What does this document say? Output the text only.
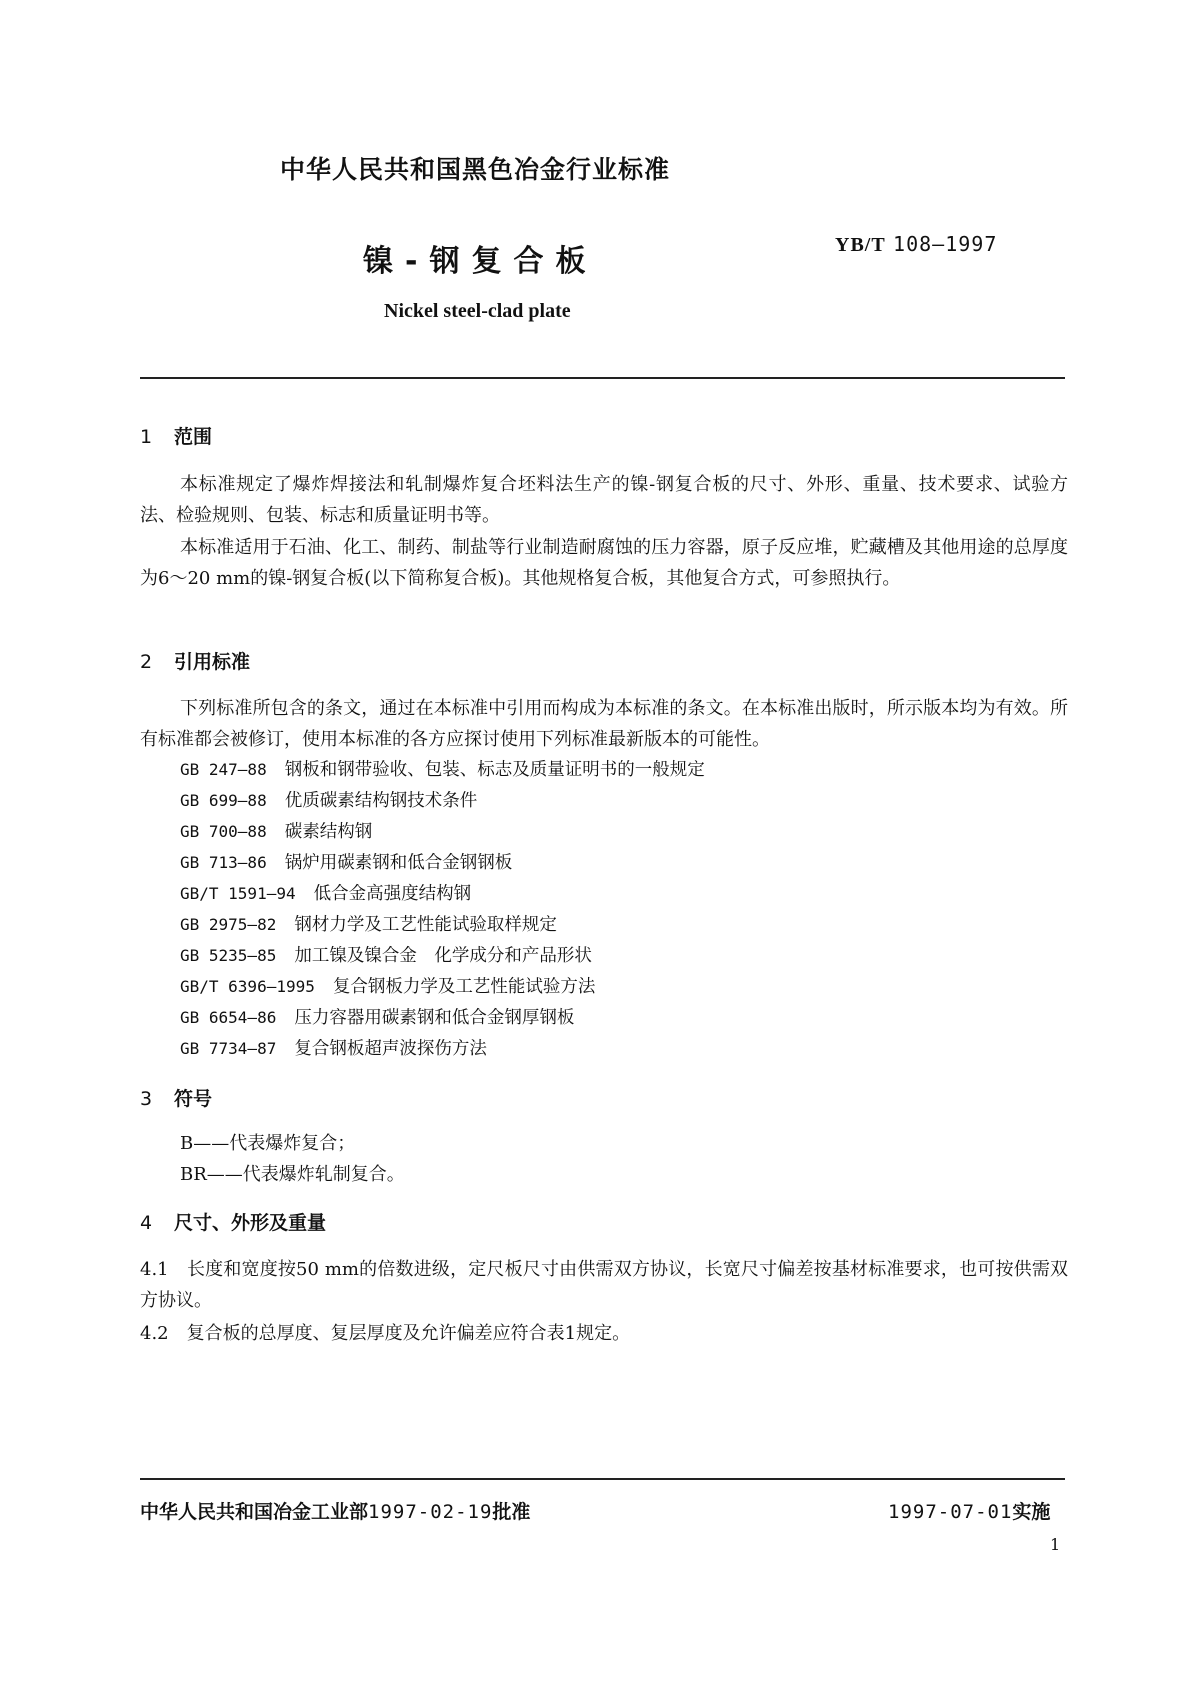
中华人民共和国黑色冶金行业标准
镍-钢复合板	YB/T 108—1997
Nickel steel-clad plate
1 范围

本标准规定了爆炸焊接法和轧制爆炸复合坯料法生产的镍-钢复合板的尺寸、外形、重量、技术要求、试验方法、检验规则、包装、标志和质量证明书等。

本标准适用于石油、化工、制药、制盐等行业制造耐腐蚀的压力容器，原子反应堆，贮藏槽及其他用途的总厚度为6～20 mm的镍-钢复合板(以下简称复合板)。其他规格复合板，其他复合方式，可参照执行。

2 引用标准

下列标准所包含的条文，通过在本标准中引用而构成为本标准的条文。在本标准出版时，所示版本均为有效。所有标准都会被修订，使用本标准的各方应探讨使用下列标准最新版本的可能性。

GB 247—88 钢板和钢带验收、包装、标志及质量证明书的一般规定
GB 699—88 优质碳素结构钢技术条件
GB 700—88 碳素结构钢
GB 713—86 锅炉用碳素钢和低合金钢钢板
GB/T 1591—94 低合金高强度结构钢
GB 2975—82 钢材力学及工艺性能试验取样规定
GB 5235—85 加工镍及镍合金　化学成分和产品形状
GB/T 6396—1995 复合钢板力学及工艺性能试验方法
GB 6654—86 压力容器用碳素钢和低合金钢厚钢板
GB 7734—87 复合钢板超声波探伤方法
3 符号
B——代表爆炸复合；
BR——代表爆炸轧制复合。
4 尺寸、外形及重量

4.1　长度和宽度按50 mm的倍数进级，定尺板尺寸由供需双方协议，长宽尺寸偏差按基材标准要求，也可按供需双方协议。

4.2　复合板的总厚度、复层厚度及允许偏差应符合表1规定。

中华人民共和国冶金工业部1997-02-19批准	1997-07-01实施
1
